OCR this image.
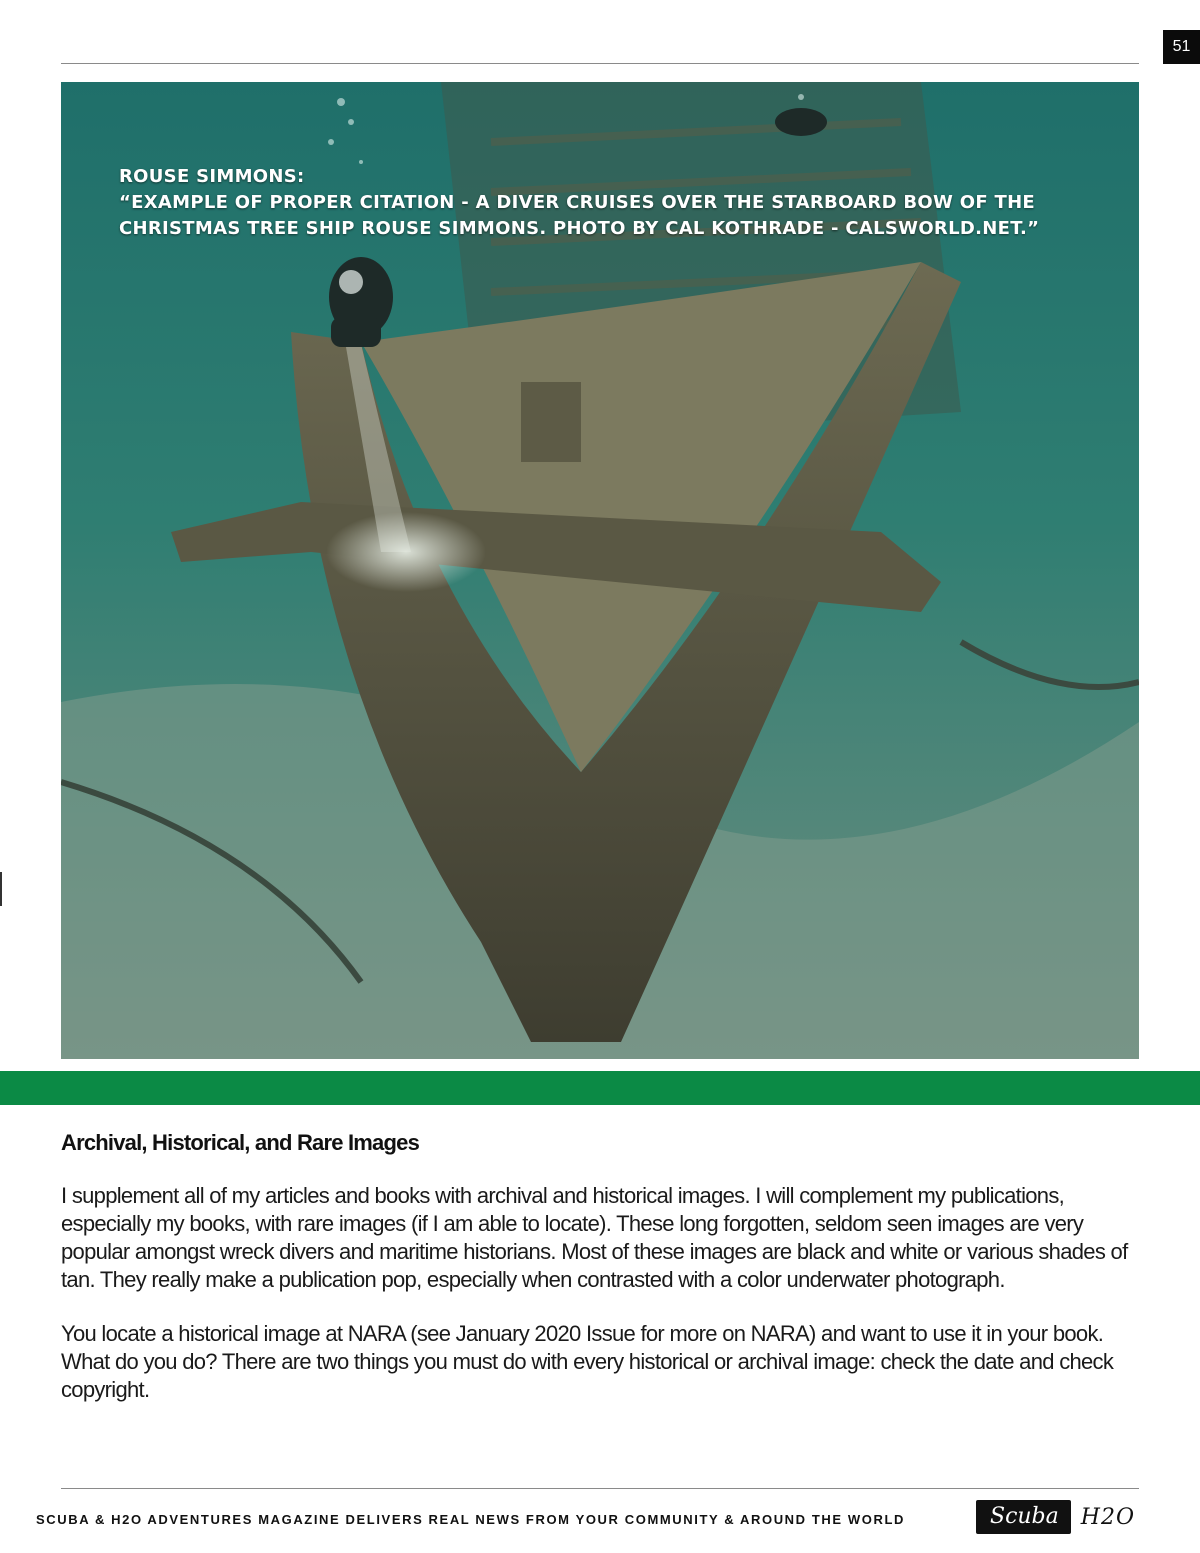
51
ROUSE SIMMONS:
“EXAMPLE OF PROPER CITATION - A DIVER CRUISES OVER THE STARBOARD BOW OF THE CHRISTMAS TREE SHIP ROUSE SIMMONS. PHOTO BY CAL KOTHRADE - CALSWORLD.NET.”
Archival, Historical, and Rare Images

I supplement all of my articles and books with archival and historical images. I will complement my publications, especially my books, with rare images (if I am able to locate). These long forgotten, seldom seen images are very popular amongst wreck divers and maritime historians. Most of these images are black and white or various shades of tan. They really make a publication pop, especially when contrasted with a color underwater photograph.

You locate a historical image at NARA (see January 2020 Issue for more on NARA) and want to use it in your book. What do you do? There are two things you must do with every historical or archival image: check the date and check copyright.

SCUBA & H2O ADVENTURES MAGAZINE DELIVERS REAL NEWS FROM YOUR COMMUNITY & AROUND THE WORLD	Scuba	H2O
